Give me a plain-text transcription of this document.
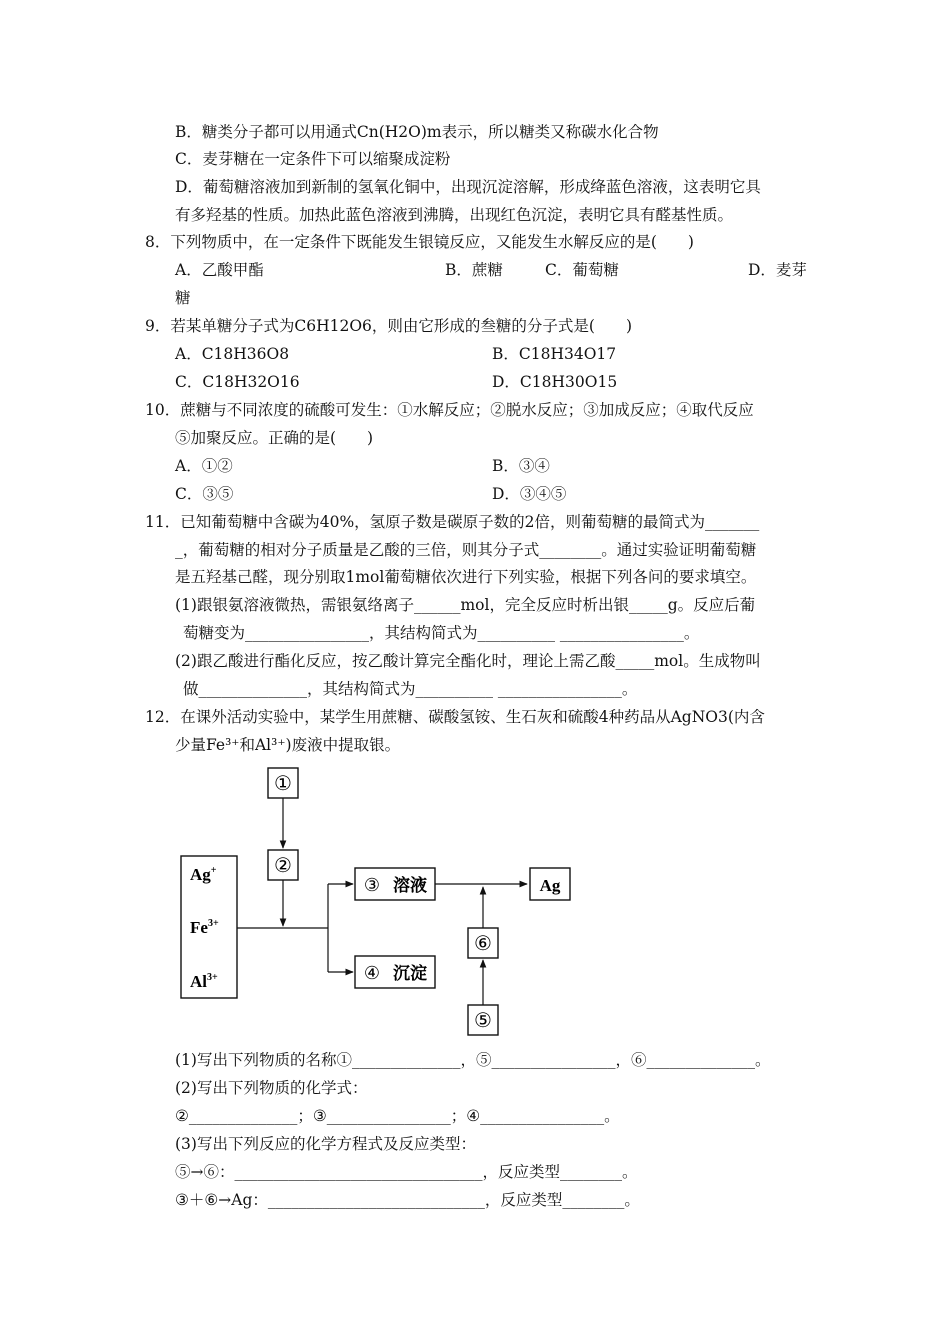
B．糖类分子都可以用通式Cn(H2O)m表示，所以糖类又称碳水化合物
C．麦芽糖在一定条件下可以缩聚成淀粉
D．葡萄糖溶液加到新制的氢氧化铜中，出现沉淀溶解，形成绛蓝色溶液，这表明它具
有多羟基的性质。加热此蓝色溶液到沸腾，出现红色沉淀，表明它具有醛基性质。
8．下列物质中，在一定条件下既能发生银镜反应，又能发生水解反应的是(　　)
A．乙酸甲酯	B．蔗糖	C．葡萄糖	D．麦芽
糖
9．若某单糖分子式为C6H12O6，则由它形成的叁糖的分子式是(　　)
A．C18H36O8	B．C18H34O17
C．C18H32O16	D．C18H30O15
10．蔗糖与不同浓度的硫酸可发生：①水解反应；②脱水反应；③加成反应；④取代反应
⑤加聚反应。正确的是(　　)
A．①②	B．③④
C．③⑤	D．③④⑤
11．已知葡萄糖中含碳为40%，氢原子数是碳原子数的2倍，则葡萄糖的最简式为_______
_，葡萄糖的相对分子质量是乙酸的三倍，则其分子式________。通过实验证明葡萄糖
是五羟基己醛，现分别取1mol葡萄糖依次进行下列实验，根据下列各问的要求填空。
(1)跟银氨溶液微热，需银氨络离子______mol，完全反应时析出银_____g。反应后葡
萄糖变为________________，其结构简式为__________ ________________。
(2)跟乙酸进行酯化反应，按乙酸计算完全酯化时，理论上需乙酸_____mol。生成物叫
做______________，其结构简式为__________ ________________。
12．在课外活动实验中，某学生用蔗糖、碳酸氢铵、生石灰和硫酸4种药品从AgNO3(内含
少量Fe³⁺和Al³⁺)废液中提取银。
Ag+
$Fe^{3+}$
$Al^{3+}$
①
②
③ 溶液
④ 沉淀
Ag
⑥
⑤
(1)写出下列物质的名称①______________，⑤________________，⑥______________。
(2)写出下列物质的化学式：
②______________；③________________；④________________。
(3)写出下列反应的化学方程式及反应类型：
⑤→⑥：________________________________，反应类型________。
③＋⑥→Ag：____________________________，反应类型________。
